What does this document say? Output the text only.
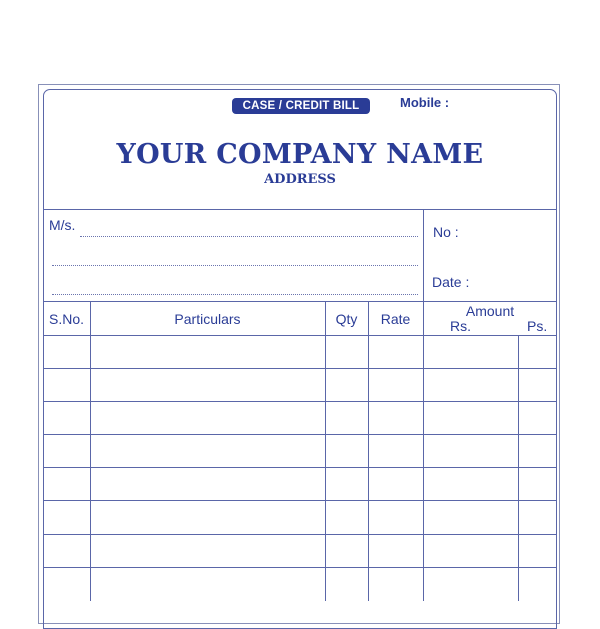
CASE / CREDIT BILL	Mobile :
YOUR COMPANY NAME
ADDRESS
M/s.	No :
Date :
S.No.	Particulars	Qty	Rate	Amount
Rs.	Ps.
